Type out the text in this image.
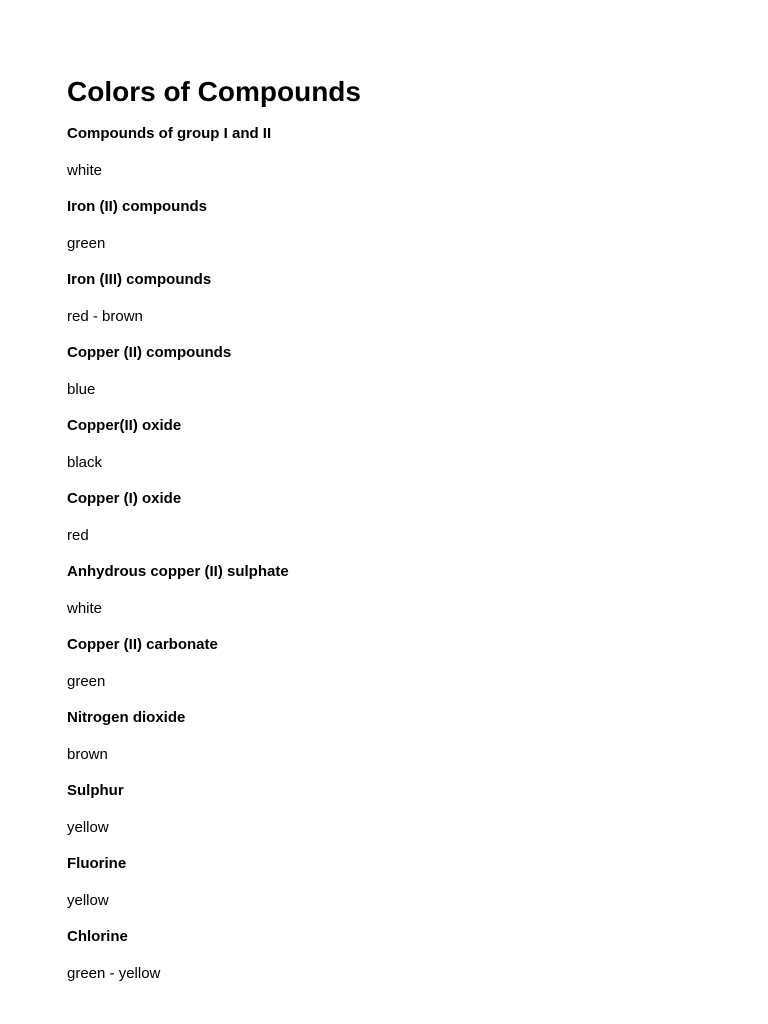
Colors of Compounds
Compounds of group I and II
white
Iron (II) compounds
green
Iron (III) compounds
red - brown
Copper (II) compounds
blue
Copper(II) oxide
black
Copper (I) oxide
red
Anhydrous copper (II) sulphate
white
Copper (II) carbonate
green
Nitrogen dioxide
brown
Sulphur
yellow
Fluorine
yellow
Chlorine
green - yellow
